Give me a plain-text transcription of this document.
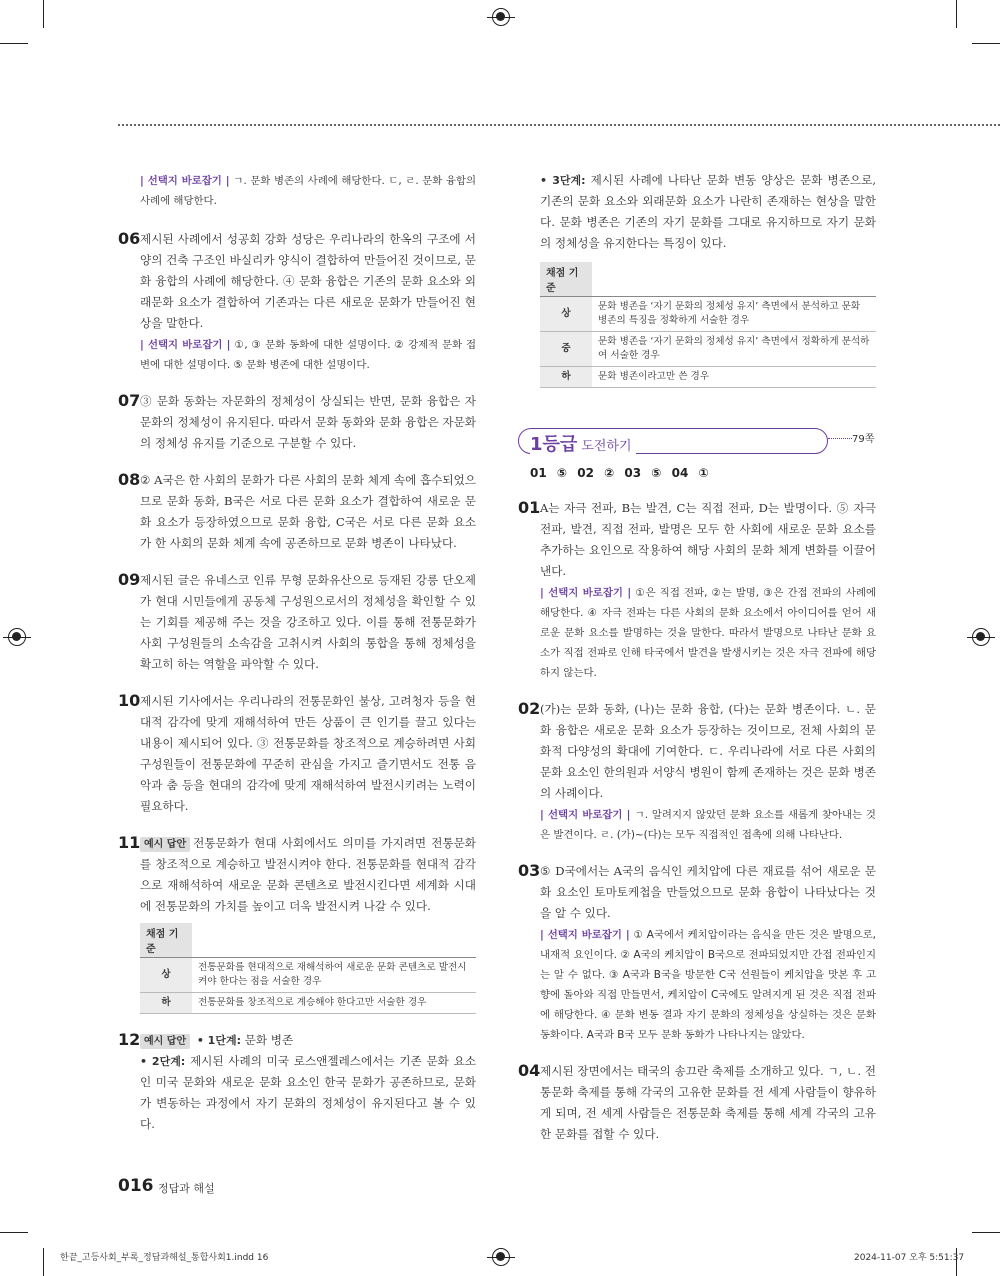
| 선택지 바로잡기 | ㄱ. 문화 병존의 사례에 해당한다. ㄷ, ㄹ. 문화 융합의 사례에 해당한다.
06 제시된 사례에서 성공회 강화 성당은 우리나라의 한옥의 구조에 서양의 건축 구조인 바실리카 양식이 결합하여 만들어진 것이므로, 문화 융합의 사례에 해당한다. ④ 문화 융합은 기존의 문화 요소와 외래문화 요소가 결합하여 기존과는 다른 새로운 문화가 만들어진 현상을 말한다.
| 선택지 바로잡기 | ①, ③ 문화 동화에 대한 설명이다. ② 강제적 문화 접변에 대한 설명이다. ⑤ 문화 병존에 대한 설명이다.
07 ③ 문화 동화는 자문화의 정체성이 상실되는 반면, 문화 융합은 자문화의 정체성이 유지된다. 따라서 문화 동화와 문화 융합은 자문화의 정체성 유지를 기준으로 구분할 수 있다.
08 ② A국은 한 사회의 문화가 다른 사회의 문화 체계 속에 흡수되었으므로 문화 동화, B국은 서로 다른 문화 요소가 결합하여 새로운 문화 요소가 등장하였으므로 문화 융합, C국은 서로 다른 문화 요소가 한 사회의 문화 체계 속에 공존하므로 문화 병존이 나타났다.
09 제시된 글은 유네스코 인류 무형 문화유산으로 등재된 강릉 단오제가 현대 시민들에게 공동체 구성원으로서의 정체성을 확인할 수 있는 기회를 제공해 주는 것을 강조하고 있다. 이를 통해 전통문화가 사회 구성원들의 소속감을 고취시켜 사회의 통합을 통해 정체성을 확고히 하는 역할을 파악할 수 있다.
10 제시된 기사에서는 우리나라의 전통문화인 불상, 고려청자 등을 현대적 감각에 맞게 재해석하여 만든 상품이 큰 인기를 끌고 있다는 내용이 제시되어 있다. ③ 전통문화를 창조적으로 계승하려면 사회 구성원들이 전통문화에 꾸준히 관심을 가지고 즐기면서도 전통 음악과 춤 등을 현대의 감각에 맞게 재해석하여 발전시키려는 노력이 필요하다.
11 예시 답안 전통문화가 현대 사회에서도 의미를 가지려면 전통문화를 창조적으로 계승하고 발전시켜야 한다. 전통문화를 현대적 감각으로 재해석하여 새로운 문화 콘텐츠로 발전시킨다면 세계화 시대에 전통문화의 가치를 높이고 더욱 발전시켜 나갈 수 있다.
채점 기준	
상	전통문화를 현대적으로 재해석하여 새로운 문화 콘텐츠로 발전시켜야 한다는 점을 서술한 경우
하	전통문화를 창조적으로 계승해야 한다고만 서술한 경우
12 예시 답안 • 1단계: 문화 병존
• 2단계: 제시된 사례의 미국 로스앤젤레스에서는 기존 문화 요소인 미국 문화와 새로운 문화 요소인 한국 문화가 공존하므로, 문화가 변동하는 과정에서 자기 문화의 정체성이 유지된다고 볼 수 있다.
• 3단계: 제시된 사례에 나타난 문화 변동 양상은 문화 병존으로, 기존의 문화 요소와 외래문화 요소가 나란히 존재하는 현상을 말한다. 문화 병존은 기존의 자기 문화를 그대로 유지하므로 자기 문화의 정체성을 유지한다는 특징이 있다.
채점 기준	
상	문화 병존을 ‘자기 문화의 정체성 유지’ 측면에서 분석하고 문화 병존의 특징을 정확하게 서술한 경우
중	문화 병존을 ‘자기 문화의 정체성 유지’ 측면에서 정확하게 분석하여 서술한 경우
하	문화 병존이라고만 쓴 경우
1등급 도전하기	79쪽
01 ⑤ 02 ② 03 ⑤ 04 ①
01 A는 자극 전파, B는 발견, C는 직접 전파, D는 발명이다. ⑤ 자극 전파, 발견, 직접 전파, 발명은 모두 한 사회에 새로운 문화 요소를 추가하는 요인으로 작용하여 해당 사회의 문화 체계 변화를 이끌어 낸다.
| 선택지 바로잡기 | ①은 직접 전파, ②는 발명, ③은 간접 전파의 사례에 해당한다. ④ 자극 전파는 다른 사회의 문화 요소에서 아이디어를 얻어 새로운 문화 요소를 발명하는 것을 말한다. 따라서 발명으로 나타난 문화 요소가 직접 전파로 인해 타국에서 발견을 발생시키는 것은 자극 전파에 해당하지 않는다.
02 (가)는 문화 동화, (나)는 문화 융합, (다)는 문화 병존이다. ㄴ. 문화 융합은 새로운 문화 요소가 등장하는 것이므로, 전체 사회의 문화적 다양성의 확대에 기여한다. ㄷ. 우리나라에 서로 다른 사회의 문화 요소인 한의원과 서양식 병원이 함께 존재하는 것은 문화 병존의 사례이다.
| 선택지 바로잡기 | ㄱ. 알려지지 않았던 문화 요소를 새롭게 찾아내는 것은 발견이다. ㄹ. (가)~(다)는 모두 직접적인 접촉에 의해 나타난다.
03 ⑤ D국에서는 A국의 음식인 케치압에 다른 재료를 섞어 새로운 문화 요소인 토마토케첩을 만들었으므로 문화 융합이 나타났다는 것을 알 수 있다.
| 선택지 바로잡기 | ① A국에서 케치압이라는 음식을 만든 것은 발명으로, 내재적 요인이다. ② A국의 케치압이 B국으로 전파되었지만 간접 전파인지는 알 수 없다. ③ A국과 B국을 방문한 C국 선원들이 케치압을 맛본 후 고향에 돌아와 직접 만들면서, 케치압이 C국에도 알려지게 된 것은 직접 전파에 해당한다. ④ 문화 변동 결과 자기 문화의 정체성을 상실하는 것은 문화 동화이다. A국과 B국 모두 문화 동화가 나타나지는 않았다.
04 제시된 장면에서는 태국의 송끄란 축제를 소개하고 있다. ㄱ, ㄴ. 전통문화 축제를 통해 각국의 고유한 문화를 전 세계 사람들이 향유하게 되며, 전 세계 사람들은 전통문화 축제를 통해 세계 각국의 고유한 문화를 접할 수 있다.
016 정답과 해설
한끝_고등사회_부록_정답과해설_통합사회1.indd 16	2024-11-07 오후 5:51:37
